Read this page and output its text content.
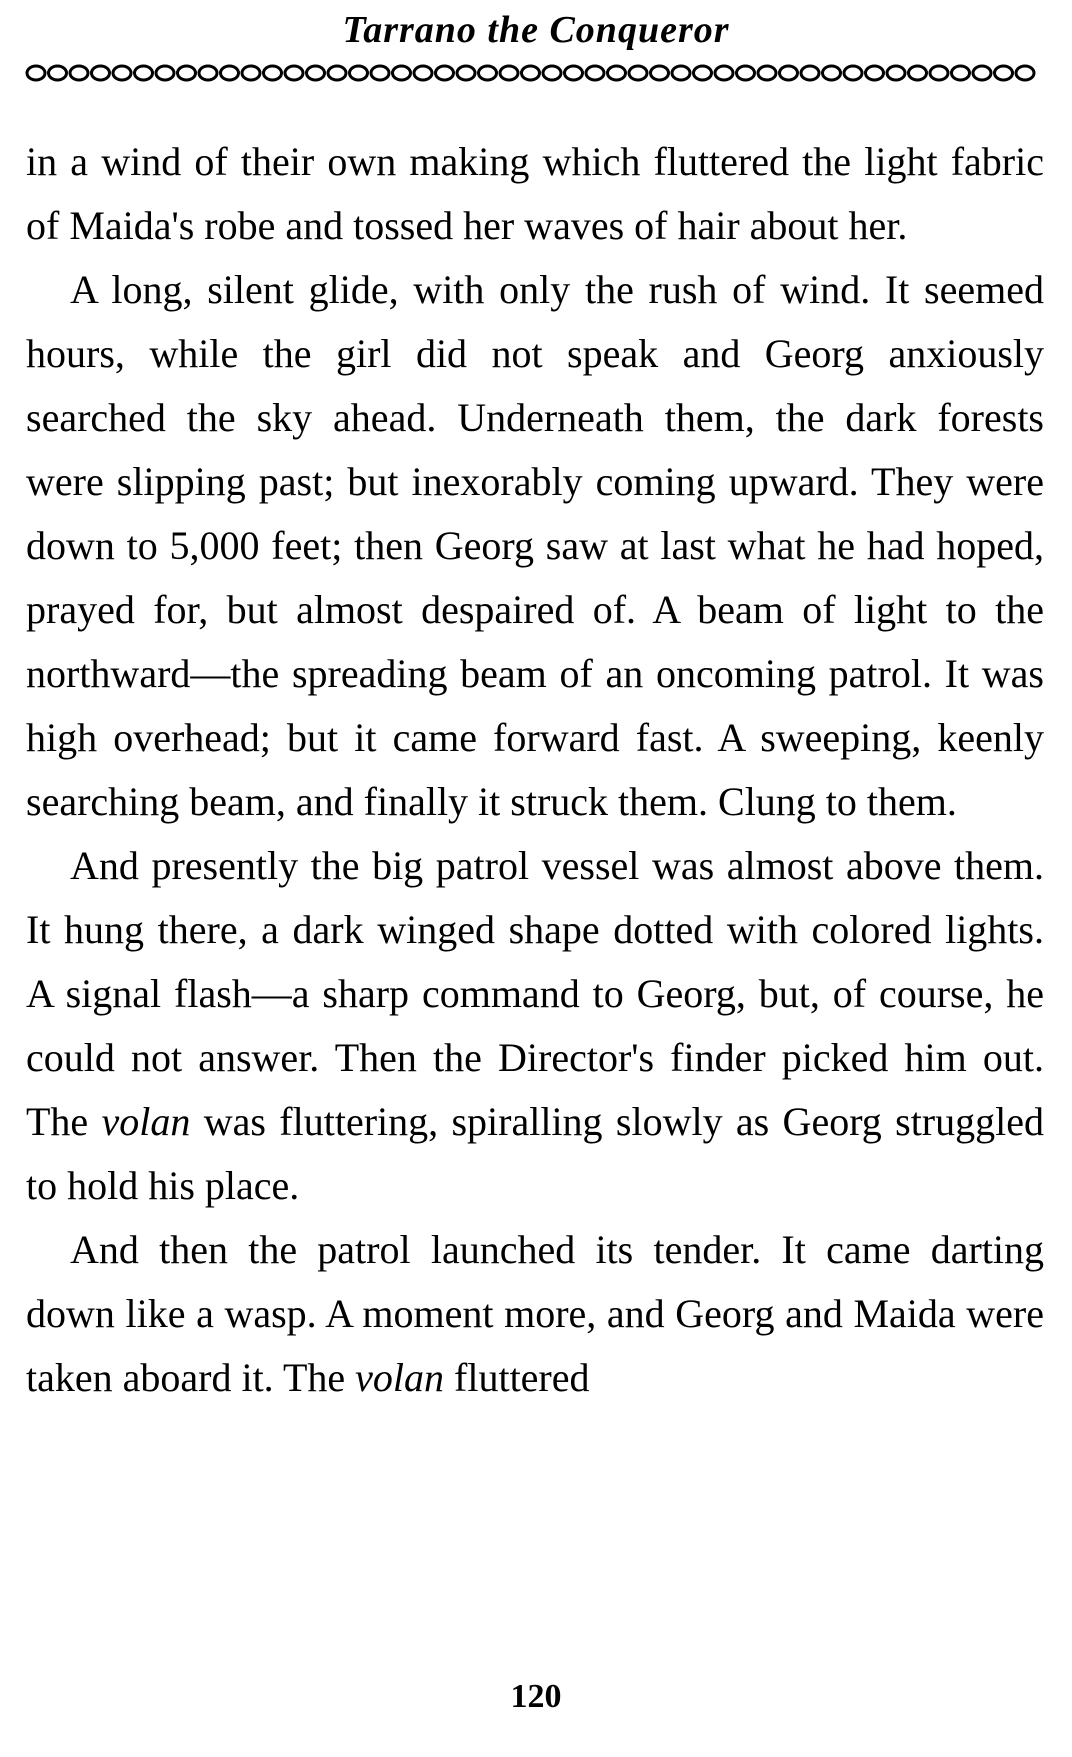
Tarrano the Conqueror

in a wind of their own making which fluttered the light fabric of Maida's robe and tossed her waves of hair about her.

A long, silent glide, with only the rush of wind. It seemed hours, while the girl did not speak and Georg anxiously searched the sky ahead. Underneath them, the dark forests were slipping past; but inexorably coming upward. They were down to 5,000 feet; then Georg saw at last what he had hoped, prayed for, but almost despaired of. A beam of light to the northward—the spreading beam of an oncoming patrol. It was high overhead; but it came forward fast. A sweeping, keenly searching beam, and finally it struck them. Clung to them.

And presently the big patrol vessel was almost above them. It hung there, a dark winged shape dotted with colored lights. A signal flash—a sharp command to Georg, but, of course, he could not answer. Then the Director's finder picked him out. The volan was fluttering, spiralling slowly as Georg struggled to hold his place.

And then the patrol launched its tender. It came darting down like a wasp. A moment more, and Georg and Maida were taken aboard it. The volan fluttered

120
